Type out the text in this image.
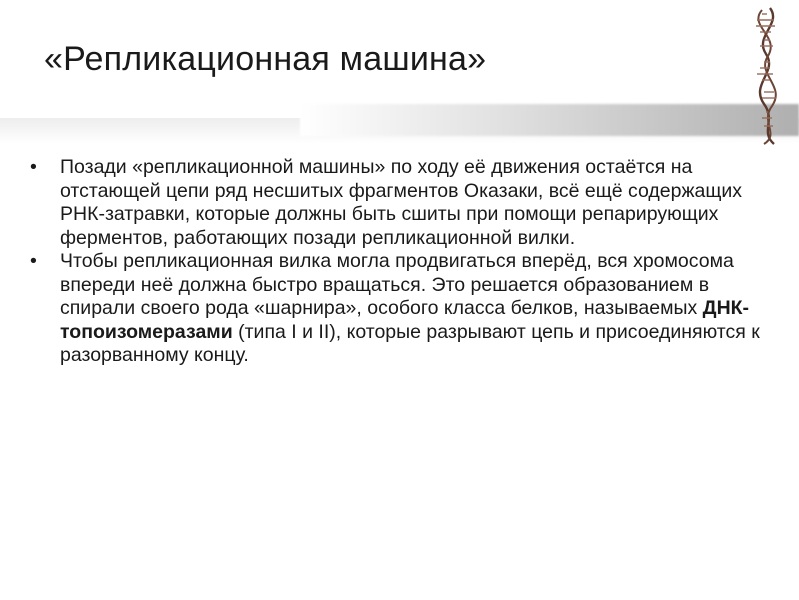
«Репликационная машина»
• Позади «репликационной машины» по ходу её движения остаётся на отстающей цепи ряд несшитых фрагментов Оказаки, всё ещё содержащих РНК-затравки, которые должны быть сшиты при помощи репарирующих ферментов, работающих позади репликационной вилки.
• Чтобы репликационная вилка могла продвигаться вперёд, вся хромосома впереди неё должна быстро вращаться. Это решается образованием в спирали своего рода «шарнира», особого класса белков, называемых ДНК-топоизомеразами (типа I и II), которые разрывают цепь и присоединяются к разорванному концу.
